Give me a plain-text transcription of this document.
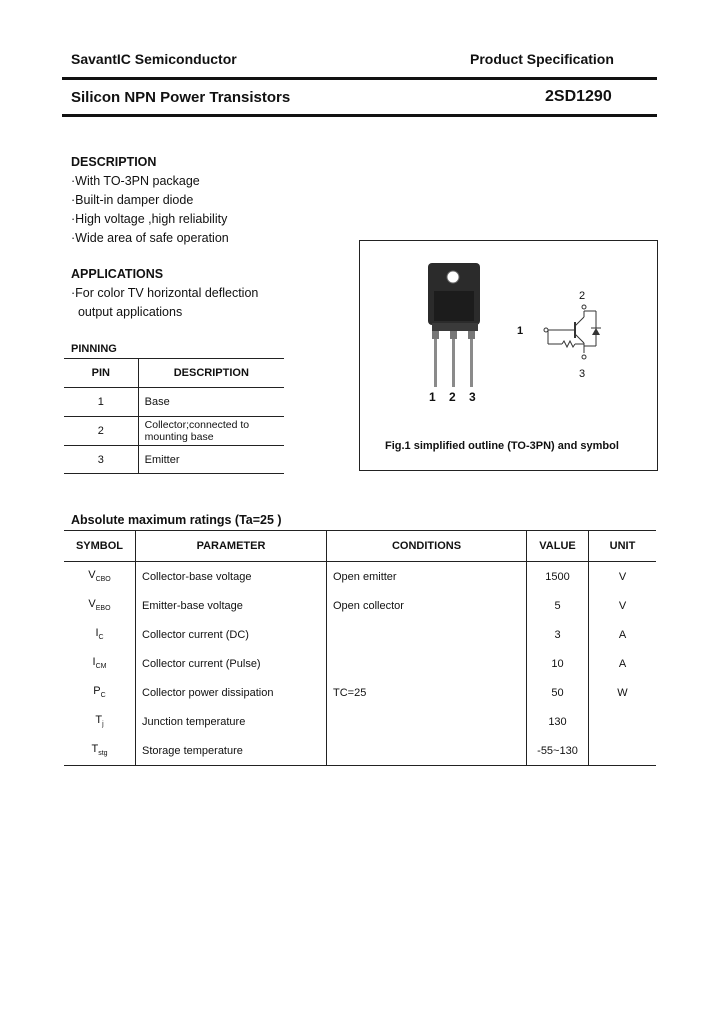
SavantIC Semiconductor	Product Specification
Silicon NPN Power Transistors	2SD1290
DESCRIPTION
·With TO-3PN package
·Built-in damper diode
·High voltage ,high reliability
·Wide area of safe operation
APPLICATIONS
·For color TV horizontal deflection
output applications
PINNING
PIN	DESCRIPTION
1	Base
2	Collector;connected to mounting base
3	Emitter
1 2 3
1
2
3
Fig.1 simplified outline (TO-3PN) and symbol
Absolute maximum ratings (Ta=25 )
SYMBOL	PARAMETER	CONDITIONS	VALUE	UNIT
$V_{CBO}$	Collector-base voltage	Open emitter	1500	V
$V_{EBO}$	Emitter-base voltage	Open collector	5	V
$I_C$	Collector current (DC)		3	A
$I_{CM}$	Collector current (Pulse)		10	A
$P_C$	Collector power dissipation	TC=25	50	W
$T_j$	Junction temperature		130	
$T_{stg}$	Storage temperature		-55~130	
